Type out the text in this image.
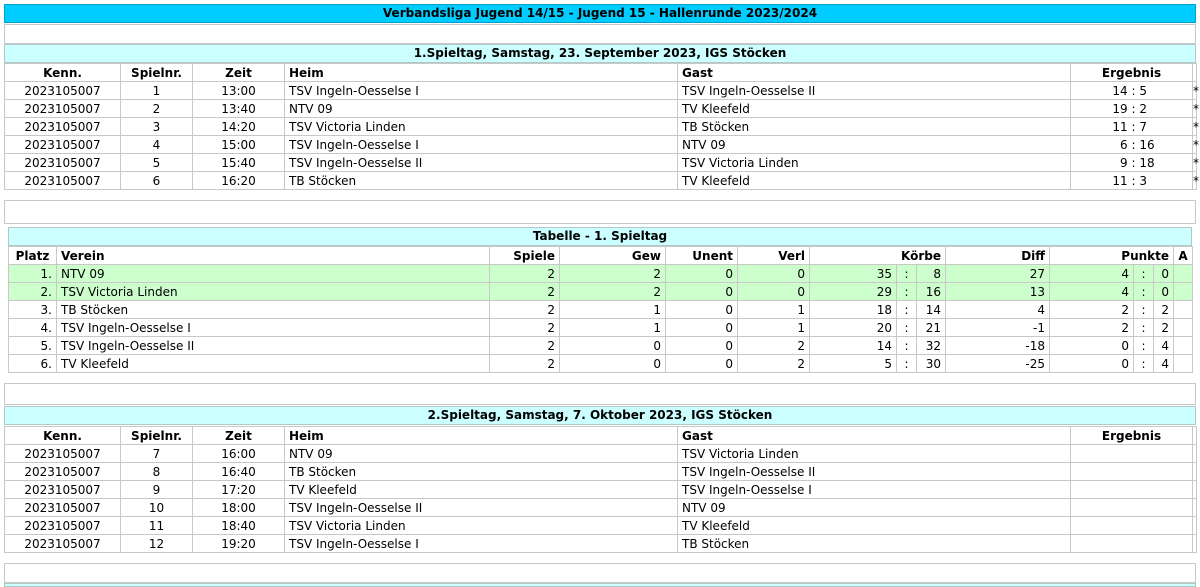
Verbandsliga Jugend 14/15 - Jugend 15 - Hallenrunde 2023/2024
1.Spieltag, Samstag, 23. September 2023, IGS Stöcken
Kenn.	Spielnr.	Zeit	Heim	Gast	Ergebnis	
2023105007	1	13:00	TSV Ingeln-Oesselse I	TSV Ingeln-Oesselse II	14 : 5	*
2023105007	2	13:40	NTV 09	TV Kleefeld	19 : 2	*
2023105007	3	14:20	TSV Victoria Linden	TB Stöcken	11 : 7	*
2023105007	4	15:00	TSV Ingeln-Oesselse I	NTV 09	6 : 16	*
2023105007	5	15:40	TSV Ingeln-Oesselse II	TSV Victoria Linden	9 : 18	*
2023105007	6	16:20	TB Stöcken	TV Kleefeld	11 : 3	*
Tabelle - 1. Spieltag
Platz	Verein	Spiele	Gew	Unent	Verl	Körbe			Diff	Punkte			A
1.	NTV 09	2	2	0	0	35	:	8	27	4	:	0	
2.	TSV Victoria Linden	2	2	0	0	29	:	16	13	4	:	0	
3.	TB Stöcken	2	1	0	1	18	:	14	4	2	:	2	
4.	TSV Ingeln-Oesselse I	2	1	0	1	20	:	21	-1	2	:	2	
5.	TSV Ingeln-Oesselse II	2	0	0	2	14	:	32	-18	0	:	4	
6.	TV Kleefeld	2	0	0	2	5	:	30	-25	0	:	4	
2.Spieltag, Samstag, 7. Oktober 2023, IGS Stöcken
Kenn.	Spielnr.	Zeit	Heim	Gast	Ergebnis	
2023105007	7	16:00	NTV 09	TSV Victoria Linden		
2023105007	8	16:40	TB Stöcken	TSV Ingeln-Oesselse II		
2023105007	9	17:20	TV Kleefeld	TSV Ingeln-Oesselse I		
2023105007	10	18:00	TSV Ingeln-Oesselse II	NTV 09		
2023105007	11	18:40	TSV Victoria Linden	TV Kleefeld		
2023105007	12	19:20	TSV Ingeln-Oesselse I	TB Stöcken		
